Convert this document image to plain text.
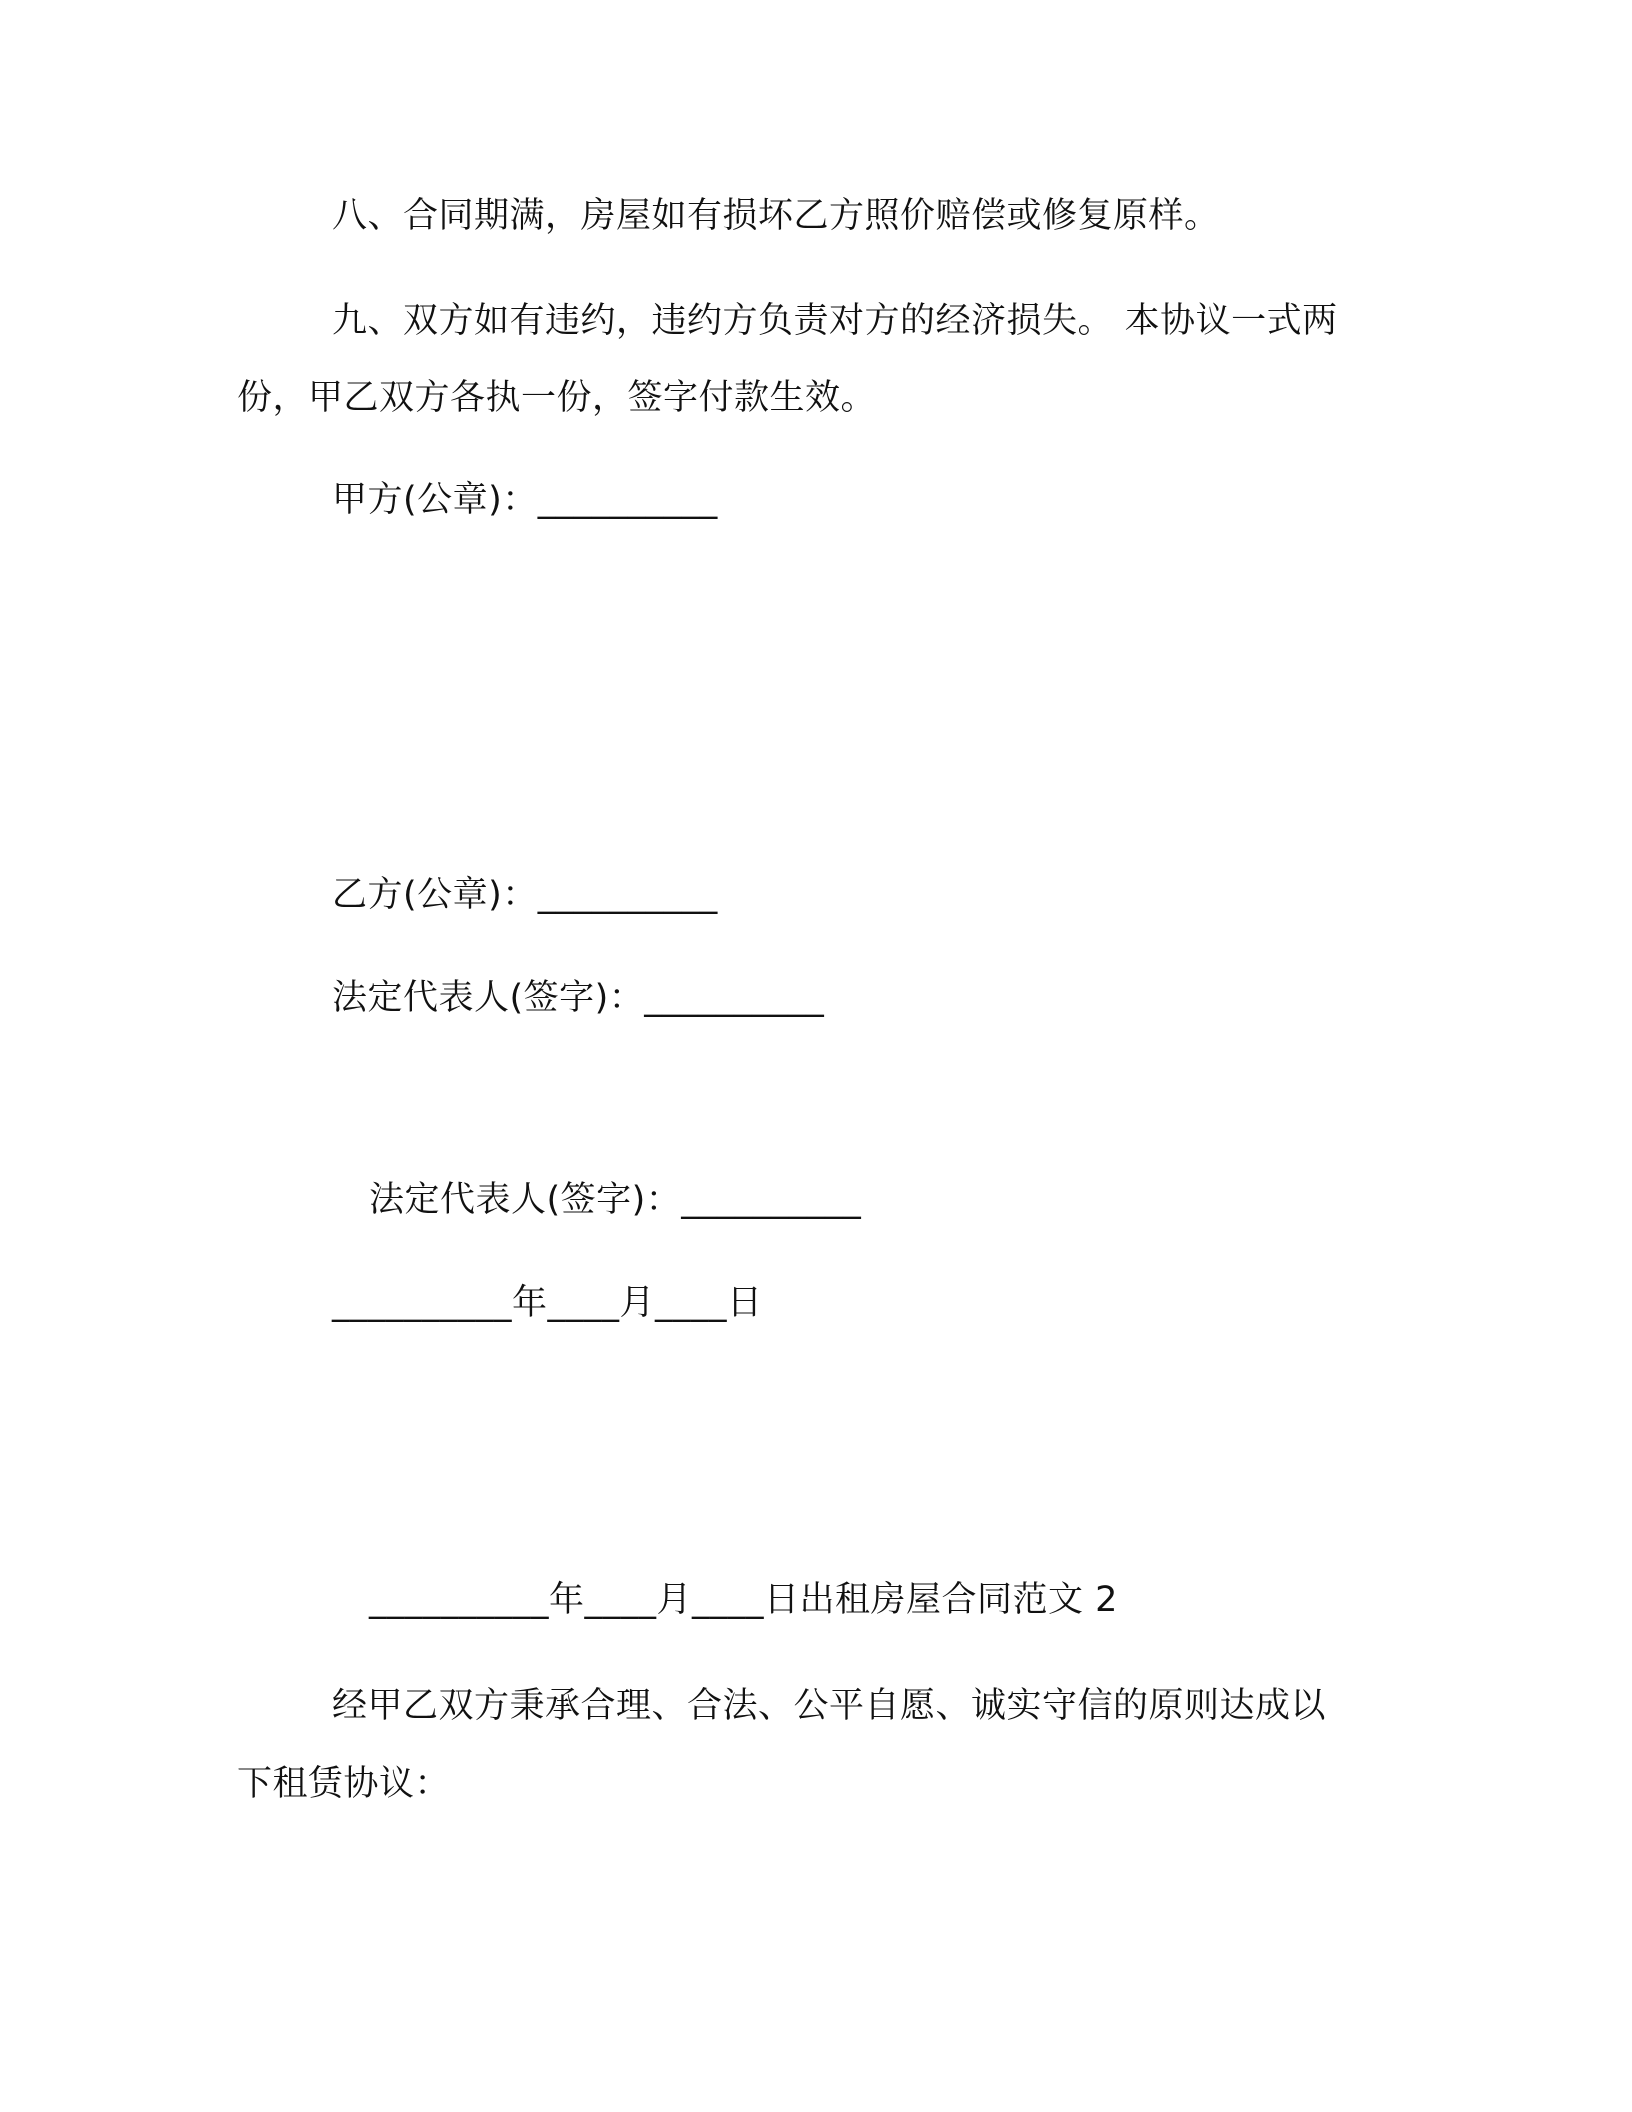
八、合同期满，房屋如有损坏乙方照价赔偿或修复原样。
九、双方如有违约，违约方负责对方的经济损失。 本协议一式两
份，甲乙双方各执一份，签字付款生效。
甲方(公章)：__________
乙方(公章)：__________
法定代表人(签字)：__________
法定代表人(签字)：__________
__________年____月____日
__________年____月____日出租房屋合同范文 2
经甲乙双方秉承合理、合法、公平自愿、诚实守信的原则达成以
下租赁协议：
